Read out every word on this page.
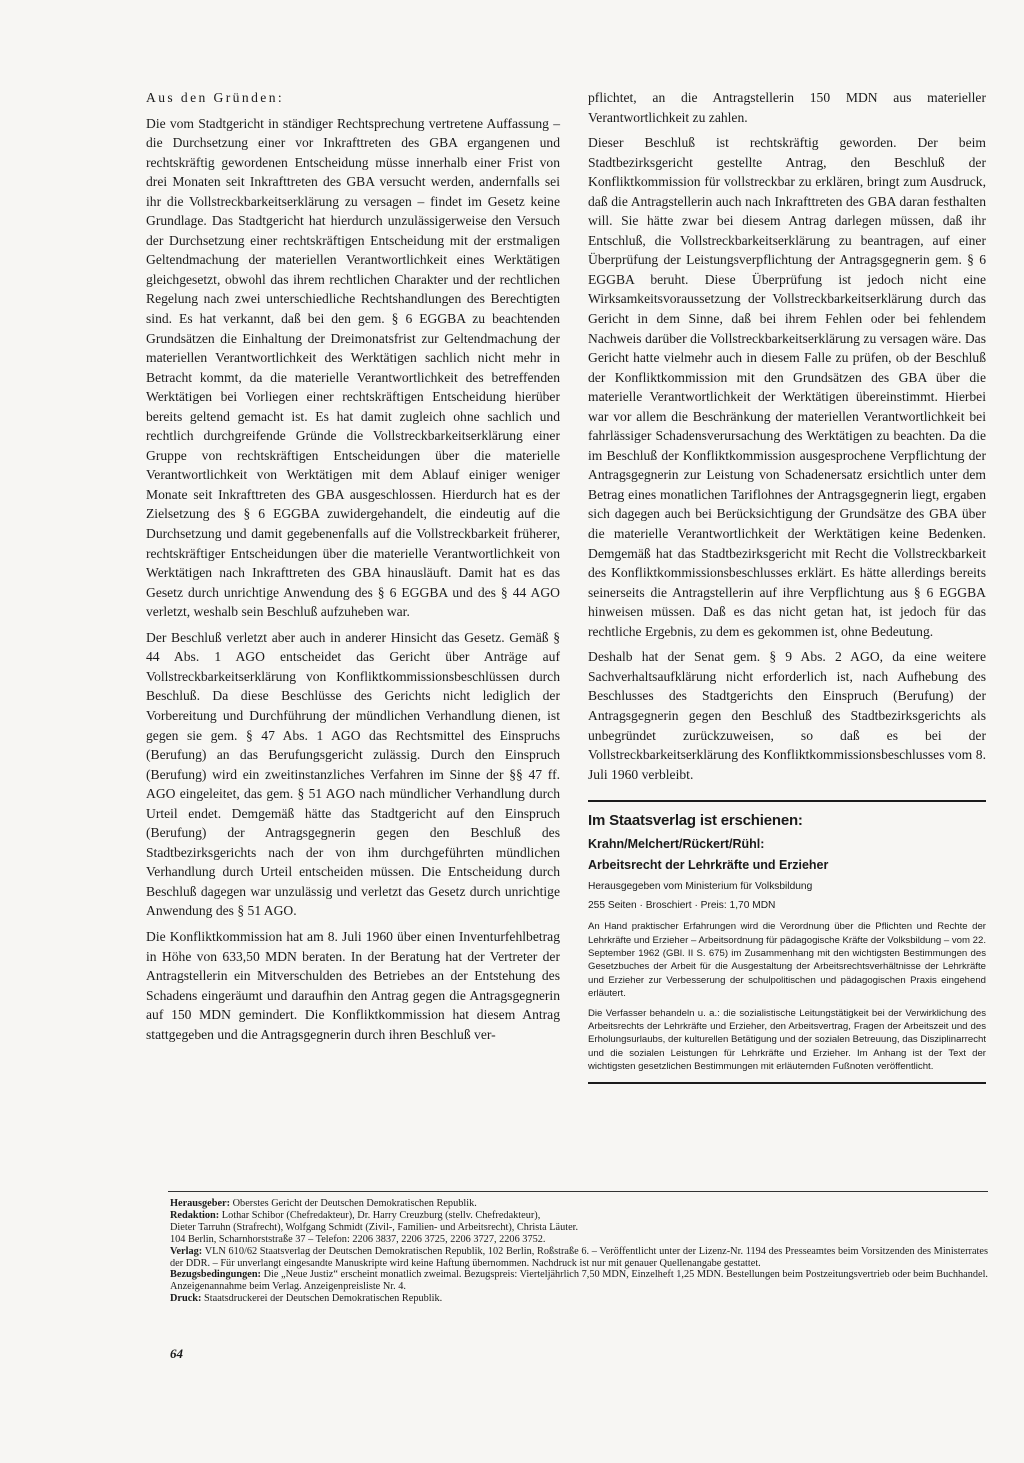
Aus den Gründen:

Die vom Stadtgericht in ständiger Rechtsprechung vertretene Auffassung – die Durchsetzung einer vor Inkrafttreten des GBA ergangenen und rechtskräftig gewordenen Entscheidung müsse innerhalb einer Frist von drei Monaten seit Inkrafttreten des GBA versucht werden, andernfalls sei ihr die Vollstreckbarkeitserklärung zu versagen – findet im Gesetz keine Grundlage. Das Stadtgericht hat hierdurch unzulässigerweise den Versuch der Durchsetzung einer rechtskräftigen Entscheidung mit der erstmaligen Geltendmachung der materiellen Verantwortlichkeit eines Werktätigen gleichgesetzt, obwohl das ihrem rechtlichen Charakter und der rechtlichen Regelung nach zwei unterschiedliche Rechtshandlungen des Berechtigten sind. Es hat verkannt, daß bei den gem. § 6 EGGBA zu beachtenden Grundsätzen die Einhaltung der Dreimonatsfrist zur Geltendmachung der materiellen Verantwortlichkeit des Werktätigen sachlich nicht mehr in Betracht kommt, da die materielle Verantwortlichkeit des betreffenden Werktätigen bei Vorliegen einer rechtskräftigen Entscheidung hierüber bereits geltend gemacht ist. Es hat damit zugleich ohne sachlich und rechtlich durchgreifende Gründe die Vollstreckbarkeitserklärung einer Gruppe von rechtskräftigen Entscheidungen über die materielle Verantwortlichkeit von Werktätigen mit dem Ablauf einiger weniger Monate seit Inkrafttreten des GBA ausgeschlossen. Hierdurch hat es der Zielsetzung des § 6 EGGBA zuwidergehandelt, die eindeutig auf die Durchsetzung und damit gegebenenfalls auf die Vollstreckbarkeit früherer, rechtskräftiger Entscheidungen über die materielle Verantwortlichkeit von Werktätigen nach Inkrafttreten des GBA hinausläuft. Damit hat es das Gesetz durch unrichtige Anwendung des § 6 EGGBA und des § 44 AGO verletzt, weshalb sein Beschluß aufzuheben war.

Der Beschluß verletzt aber auch in anderer Hinsicht das Gesetz. Gemäß § 44 Abs. 1 AGO entscheidet das Gericht über Anträge auf Vollstreckbarkeitserklärung von Konfliktkommissionsbeschlüssen durch Beschluß. Da diese Beschlüsse des Gerichts nicht lediglich der Vorbereitung und Durchführung der mündlichen Verhandlung dienen, ist gegen sie gem. § 47 Abs. 1 AGO das Rechtsmittel des Einspruchs (Berufung) an das Berufungsgericht zulässig. Durch den Einspruch (Berufung) wird ein zweitinstanzliches Verfahren im Sinne der §§ 47 ff. AGO eingeleitet, das gem. § 51 AGO nach mündlicher Verhandlung durch Urteil endet. Demgemäß hätte das Stadtgericht auf den Einspruch (Berufung) der Antragsgegnerin gegen den Beschluß des Stadtbezirksgerichts nach der von ihm durchgeführten mündlichen Verhandlung durch Urteil entscheiden müssen. Die Entscheidung durch Beschluß dagegen war unzulässig und verletzt das Gesetz durch unrichtige Anwendung des § 51 AGO.

Die Konfliktkommission hat am 8. Juli 1960 über einen Inventurfehlbetrag in Höhe von 633,50 MDN beraten. In der Beratung hat der Vertreter der Antragstellerin ein Mitverschulden des Betriebes an der Entstehung des Schadens eingeräumt und daraufhin den Antrag gegen die Antragsgegnerin auf 150 MDN gemindert. Die Konfliktkommission hat diesem Antrag stattgegeben und die Antragsgegnerin durch ihren Beschluß ver-

pflichtet, an die Antragstellerin 150 MDN aus materieller Verantwortlichkeit zu zahlen.

Dieser Beschluß ist rechtskräftig geworden. Der beim Stadtbezirksgericht gestellte Antrag, den Beschluß der Konfliktkommission für vollstreckbar zu erklären, bringt zum Ausdruck, daß die Antragstellerin auch nach Inkrafttreten des GBA daran festhalten will. Sie hätte zwar bei diesem Antrag darlegen müssen, daß ihr Entschluß, die Vollstreckbarkeitserklärung zu beantragen, auf einer Überprüfung der Leistungsverpflichtung der Antragsgegnerin gem. § 6 EGGBA beruht. Diese Überprüfung ist jedoch nicht eine Wirksamkeitsvoraussetzung der Vollstreckbarkeitserklärung durch das Gericht in dem Sinne, daß bei ihrem Fehlen oder bei fehlendem Nachweis darüber die Vollstreckbarkeitserklärung zu versagen wäre. Das Gericht hatte vielmehr auch in diesem Falle zu prüfen, ob der Beschluß der Konfliktkommission mit den Grundsätzen des GBA über die materielle Verantwortlichkeit der Werktätigen übereinstimmt. Hierbei war vor allem die Beschränkung der materiellen Verantwortlichkeit bei fahrlässiger Schadensverursachung des Werktätigen zu beachten. Da die im Beschluß der Konfliktkommission ausgesprochene Verpflichtung der Antragsgegnerin zur Leistung von Schadenersatz ersichtlich unter dem Betrag eines monatlichen Tariflohnes der Antragsgegnerin liegt, ergaben sich dagegen auch bei Berücksichtigung der Grundsätze des GBA über die materielle Verantwortlichkeit der Werktätigen keine Bedenken. Demgemäß hat das Stadtbezirksgericht mit Recht die Vollstreckbarkeit des Konfliktkommissionsbeschlusses erklärt. Es hätte allerdings bereits seinerseits die Antragstellerin auf ihre Verpflichtung aus § 6 EGGBA hinweisen müssen. Daß es das nicht getan hat, ist jedoch für das rechtliche Ergebnis, zu dem es gekommen ist, ohne Bedeutung.

Deshalb hat der Senat gem. § 9 Abs. 2 AGO, da eine weitere Sachverhaltsaufklärung nicht erforderlich ist, nach Aufhebung des Beschlusses des Stadtgerichts den Einspruch (Berufung) der Antragsgegnerin gegen den Beschluß des Stadtbezirksgerichts als unbegründet zurückzuweisen, so daß es bei der Vollstreckbarkeitserklärung des Konfliktkommissionsbeschlusses vom 8. Juli 1960 verbleibt.

Im Staatsverlag ist erschienen:
Krahn/Melchert/Rückert/Rühl:
Arbeitsrecht der Lehrkräfte und Erzieher
Herausgegeben vom Ministerium für Volksbildung
255 Seiten · Broschiert · Preis: 1,70 MDN
An Hand praktischer Erfahrungen wird die Verordnung über die Pflichten und Rechte der Lehrkräfte und Erzieher – Arbeitsordnung für pädagogische Kräfte der Volksbildung – vom 22. September 1962 (GBl. II S. 675) im Zusammenhang mit den wichtigsten Bestimmungen des Gesetzbuches der Arbeit für die Ausgestaltung der Arbeitsrechtsverhältnisse der Lehrkräfte und Erzieher zur Verbesserung der schulpolitischen und pädagogischen Praxis eingehend erläutert.
Die Verfasser behandeln u. a.: die sozialistische Leitungstätigkeit bei der Verwirklichung des Arbeitsrechts der Lehrkräfte und Erzieher, den Arbeitsvertrag, Fragen der Arbeitszeit und des Erholungsurlaubs, der kulturellen Betätigung und der sozialen Betreuung, das Disziplinarrecht und die sozialen Leistungen für Lehrkräfte und Erzieher. Im Anhang ist der Text der wichtigsten gesetzlichen Bestimmungen mit erläuternden Fußnoten veröffentlicht.
Herausgeber: Oberstes Gericht der Deutschen Demokratischen Republik.
Redaktion: Lothar Schibor (Chefredakteur), Dr. Harry Creuzburg (stellv. Chefredakteur),
Dieter Tarruhn (Strafrecht), Wolfgang Schmidt (Zivil-, Familien- und Arbeitsrecht), Christa Läuter.
104 Berlin, Scharnhorststraße 37 – Telefon: 2206 3837, 2206 3725, 2206 3727, 2206 3752.
Verlag: VLN 610/62 Staatsverlag der Deutschen Demokratischen Republik, 102 Berlin, Roßstraße 6. – Veröffentlicht unter der Lizenz-Nr. 1194 des Presseamtes beim Vorsitzenden des Ministerrates der DDR. – Für unverlangt eingesandte Manuskripte wird keine Haftung übernommen. Nachdruck ist nur mit genauer Quellenangabe gestattet.
Bezugsbedingungen: Die „Neue Justiz“ erscheint monatlich zweimal. Bezugspreis: Vierteljährlich 7,50 MDN, Einzelheft 1,25 MDN. Bestellungen beim Postzeitungsvertrieb oder beim Buchhandel. Anzeigenannahme beim Verlag. Anzeigenpreisliste Nr. 4.
Druck: Staatsdruckerei der Deutschen Demokratischen Republik.
64
